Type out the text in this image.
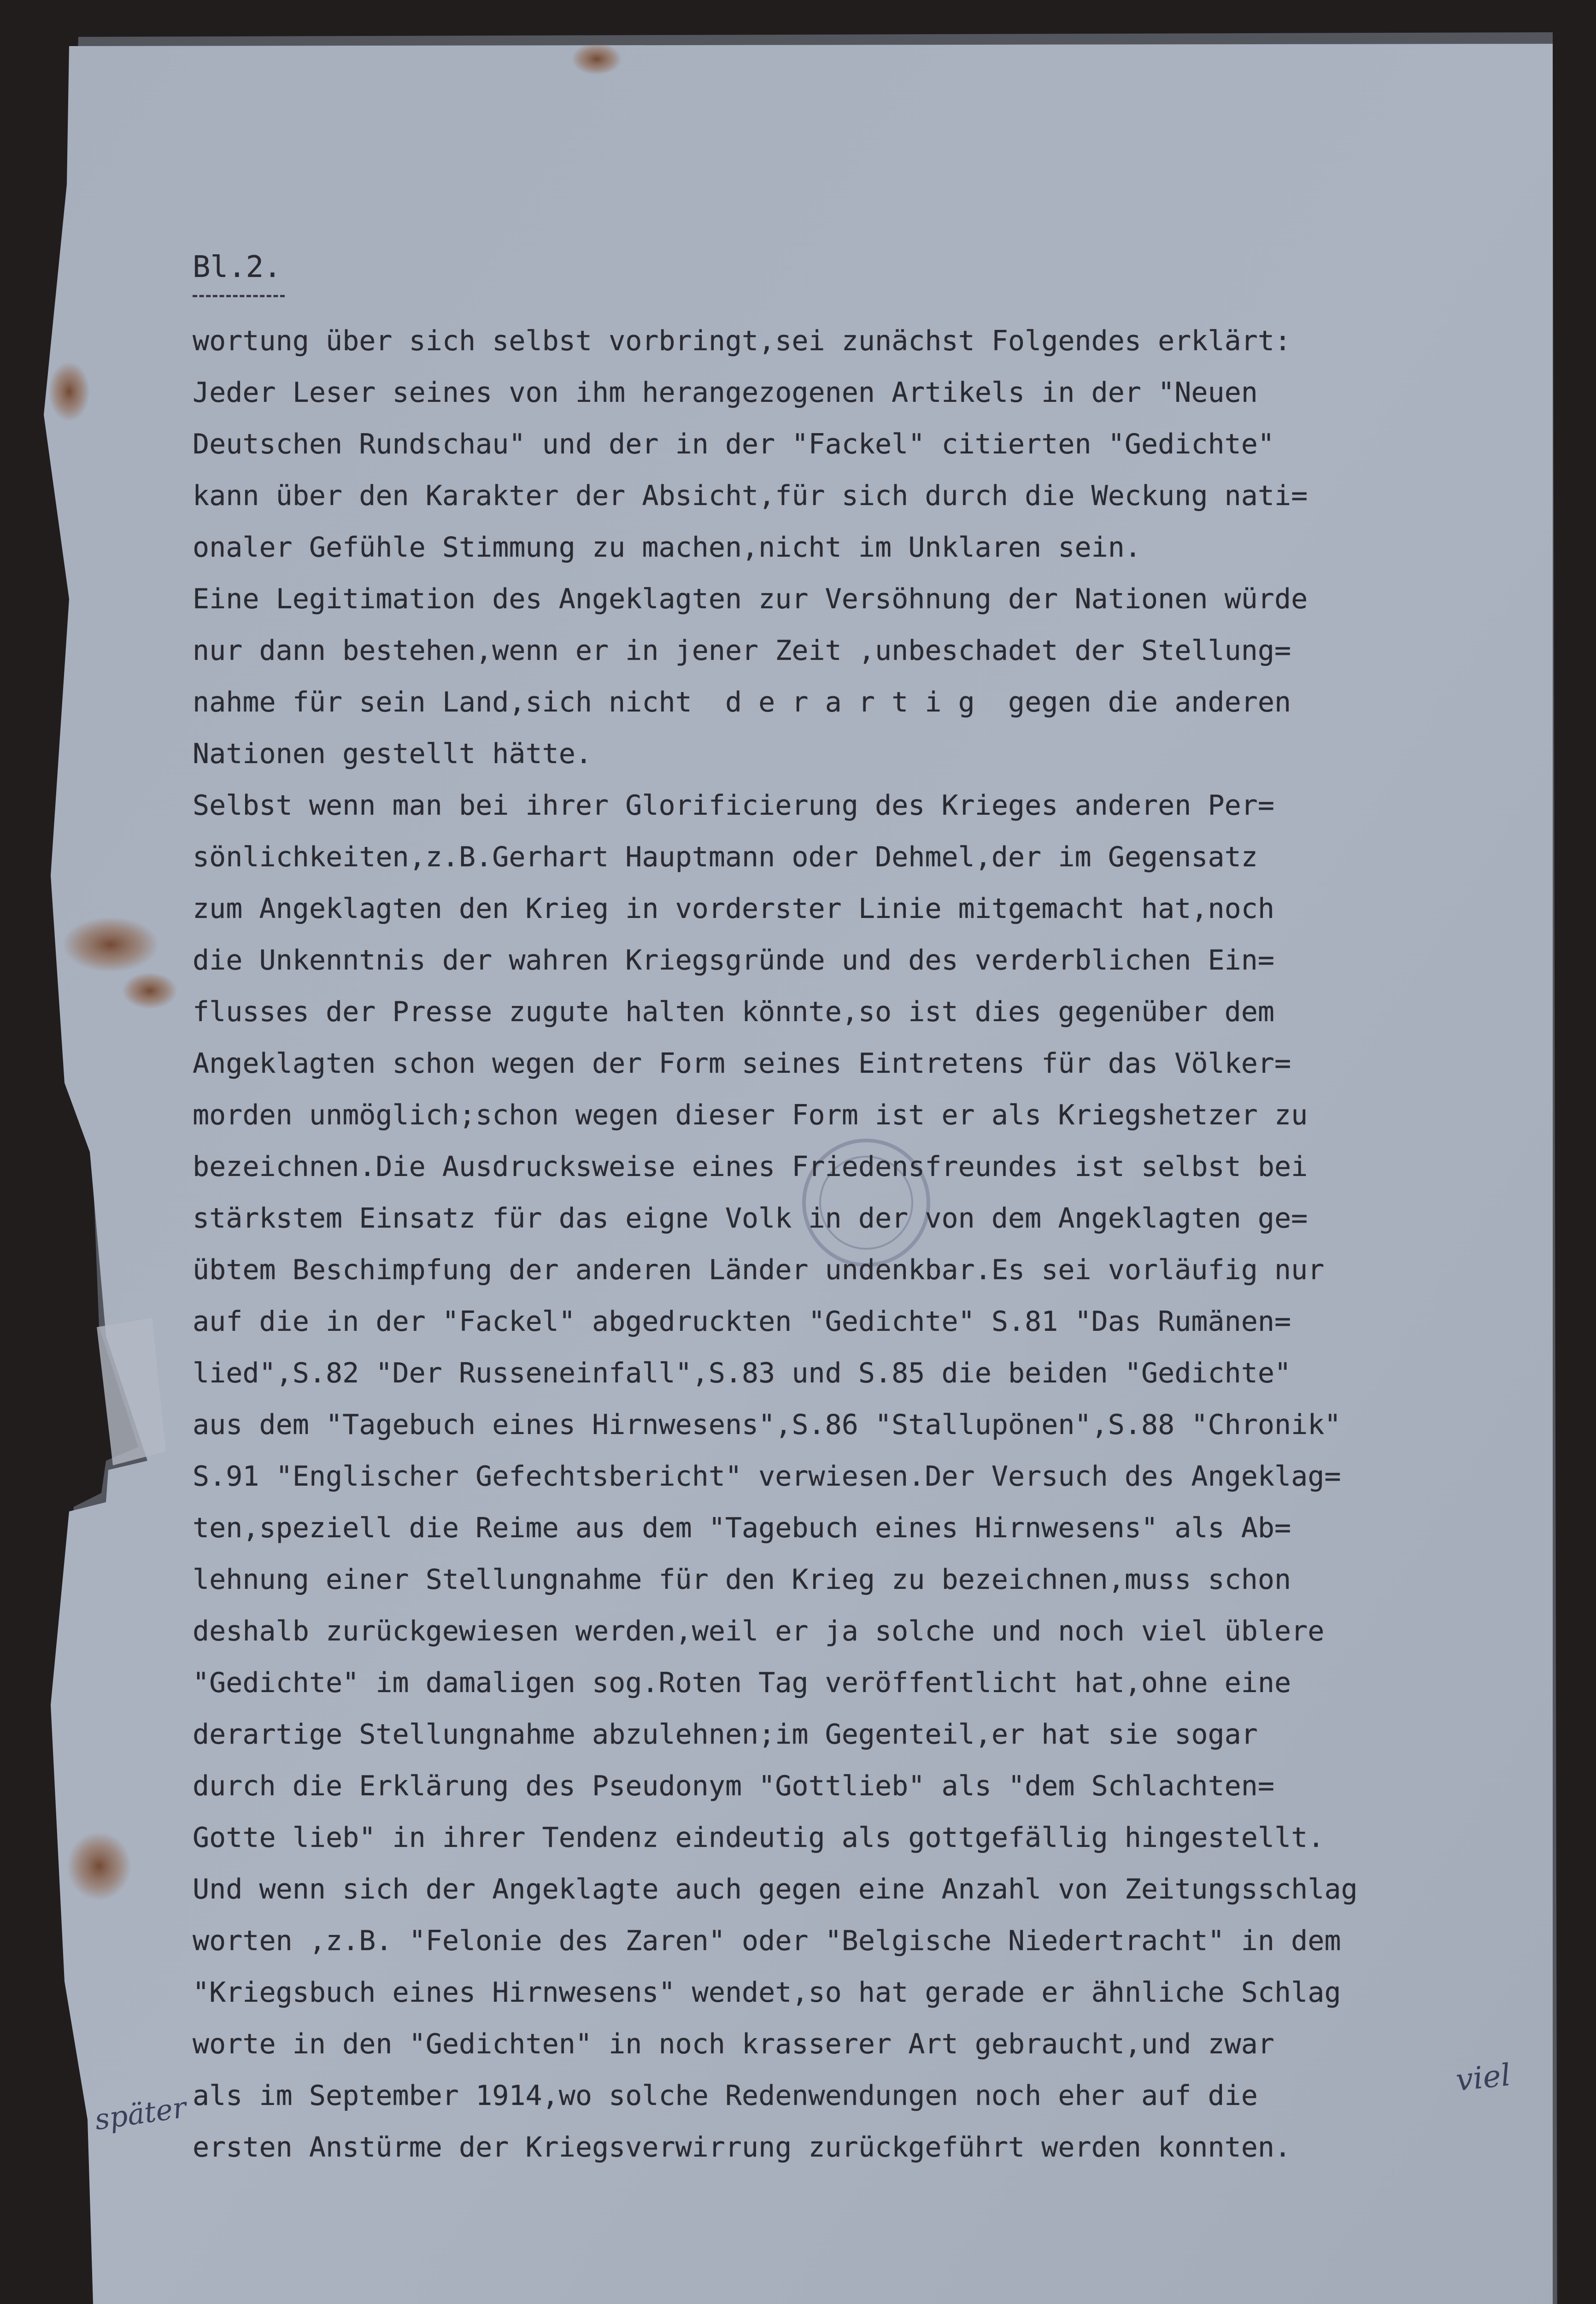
Bl.2.
wortung über sich selbst vorbringt,sei zunächst Folgendes erklärt:
Jeder Leser seines von ihm herangezogenen Artikels in der "Neuen
Deutschen Rundschau" und der in der "Fackel" citierten "Gedichte"
kann über den Karakter der Absicht,für sich durch die Weckung nati=
onaler Gefühle Stimmung zu machen,nicht im Unklaren sein.
Eine Legitimation des Angeklagten zur Versöhnung der Nationen würde
nur dann bestehen,wenn er in jener Zeit ,unbeschadet der Stellung=
nahme für sein Land,sich nicht  d e r a r t i g  gegen die anderen
Nationen gestellt hätte.
Selbst wenn man bei ihrer Glorificierung des Krieges anderen Per=
sönlichkeiten,z.B.Gerhart Hauptmann oder Dehmel,der im Gegensatz
zum Angeklagten den Krieg in vorderster Linie mitgemacht hat,noch
die Unkenntnis der wahren Kriegsgründe und des verderblichen Ein=
flusses der Presse zugute halten könnte,so ist dies gegenüber dem
Angeklagten schon wegen der Form seines Eintretens für das Völker=
morden unmöglich;schon wegen dieser Form ist er als Kriegshetzer zu
bezeichnen.Die Ausdrucksweise eines Friedensfreundes ist selbst bei
stärkstem Einsatz für das eigne Volk in der von dem Angeklagten ge=
übtem Beschimpfung der anderen Länder undenkbar.Es sei vorläufig nur
auf die in der "Fackel" abgedruckten "Gedichte" S.81 "Das Rumänen=
lied",S.82 "Der Russeneinfall",S.83 und S.85 die beiden "Gedichte"
aus dem "Tagebuch eines Hirnwesens",S.86 "Stallupönen",S.88 "Chronik"
S.91 "Englischer Gefechtsbericht" verwiesen.Der Versuch des Angeklag=
ten,speziell die Reime aus dem "Tagebuch eines Hirnwesens" als Ab=
lehnung einer Stellungnahme für den Krieg zu bezeichnen,muss schon
deshalb zurückgewiesen werden,weil er ja solche und noch viel üblere
"Gedichte" im damaligen sog.Roten Tag veröffentlicht hat,ohne eine
derartige Stellungnahme abzulehnen;im Gegenteil,er hat sie sogar
durch die Erklärung des Pseudonym "Gottlieb" als "dem Schlachten=
Gotte lieb" in ihrer Tendenz eindeutig als gottgefällig hingestellt.
Und wenn sich der Angeklagte auch gegen eine Anzahl von Zeitungsschlag
worten ,z.B. "Felonie des Zaren" oder "Belgische Niedertracht" in dem
"Kriegsbuch eines Hirnwesens" wendet,so hat gerade er ähnliche Schlag
worte in den "Gedichten" in noch krasserer Art gebraucht,und zwar
als im September 1914,wo solche Redenwendungen noch eher auf die
ersten Anstürme der Kriegsverwirrung zurückgeführt werden konnten.
später
viel
